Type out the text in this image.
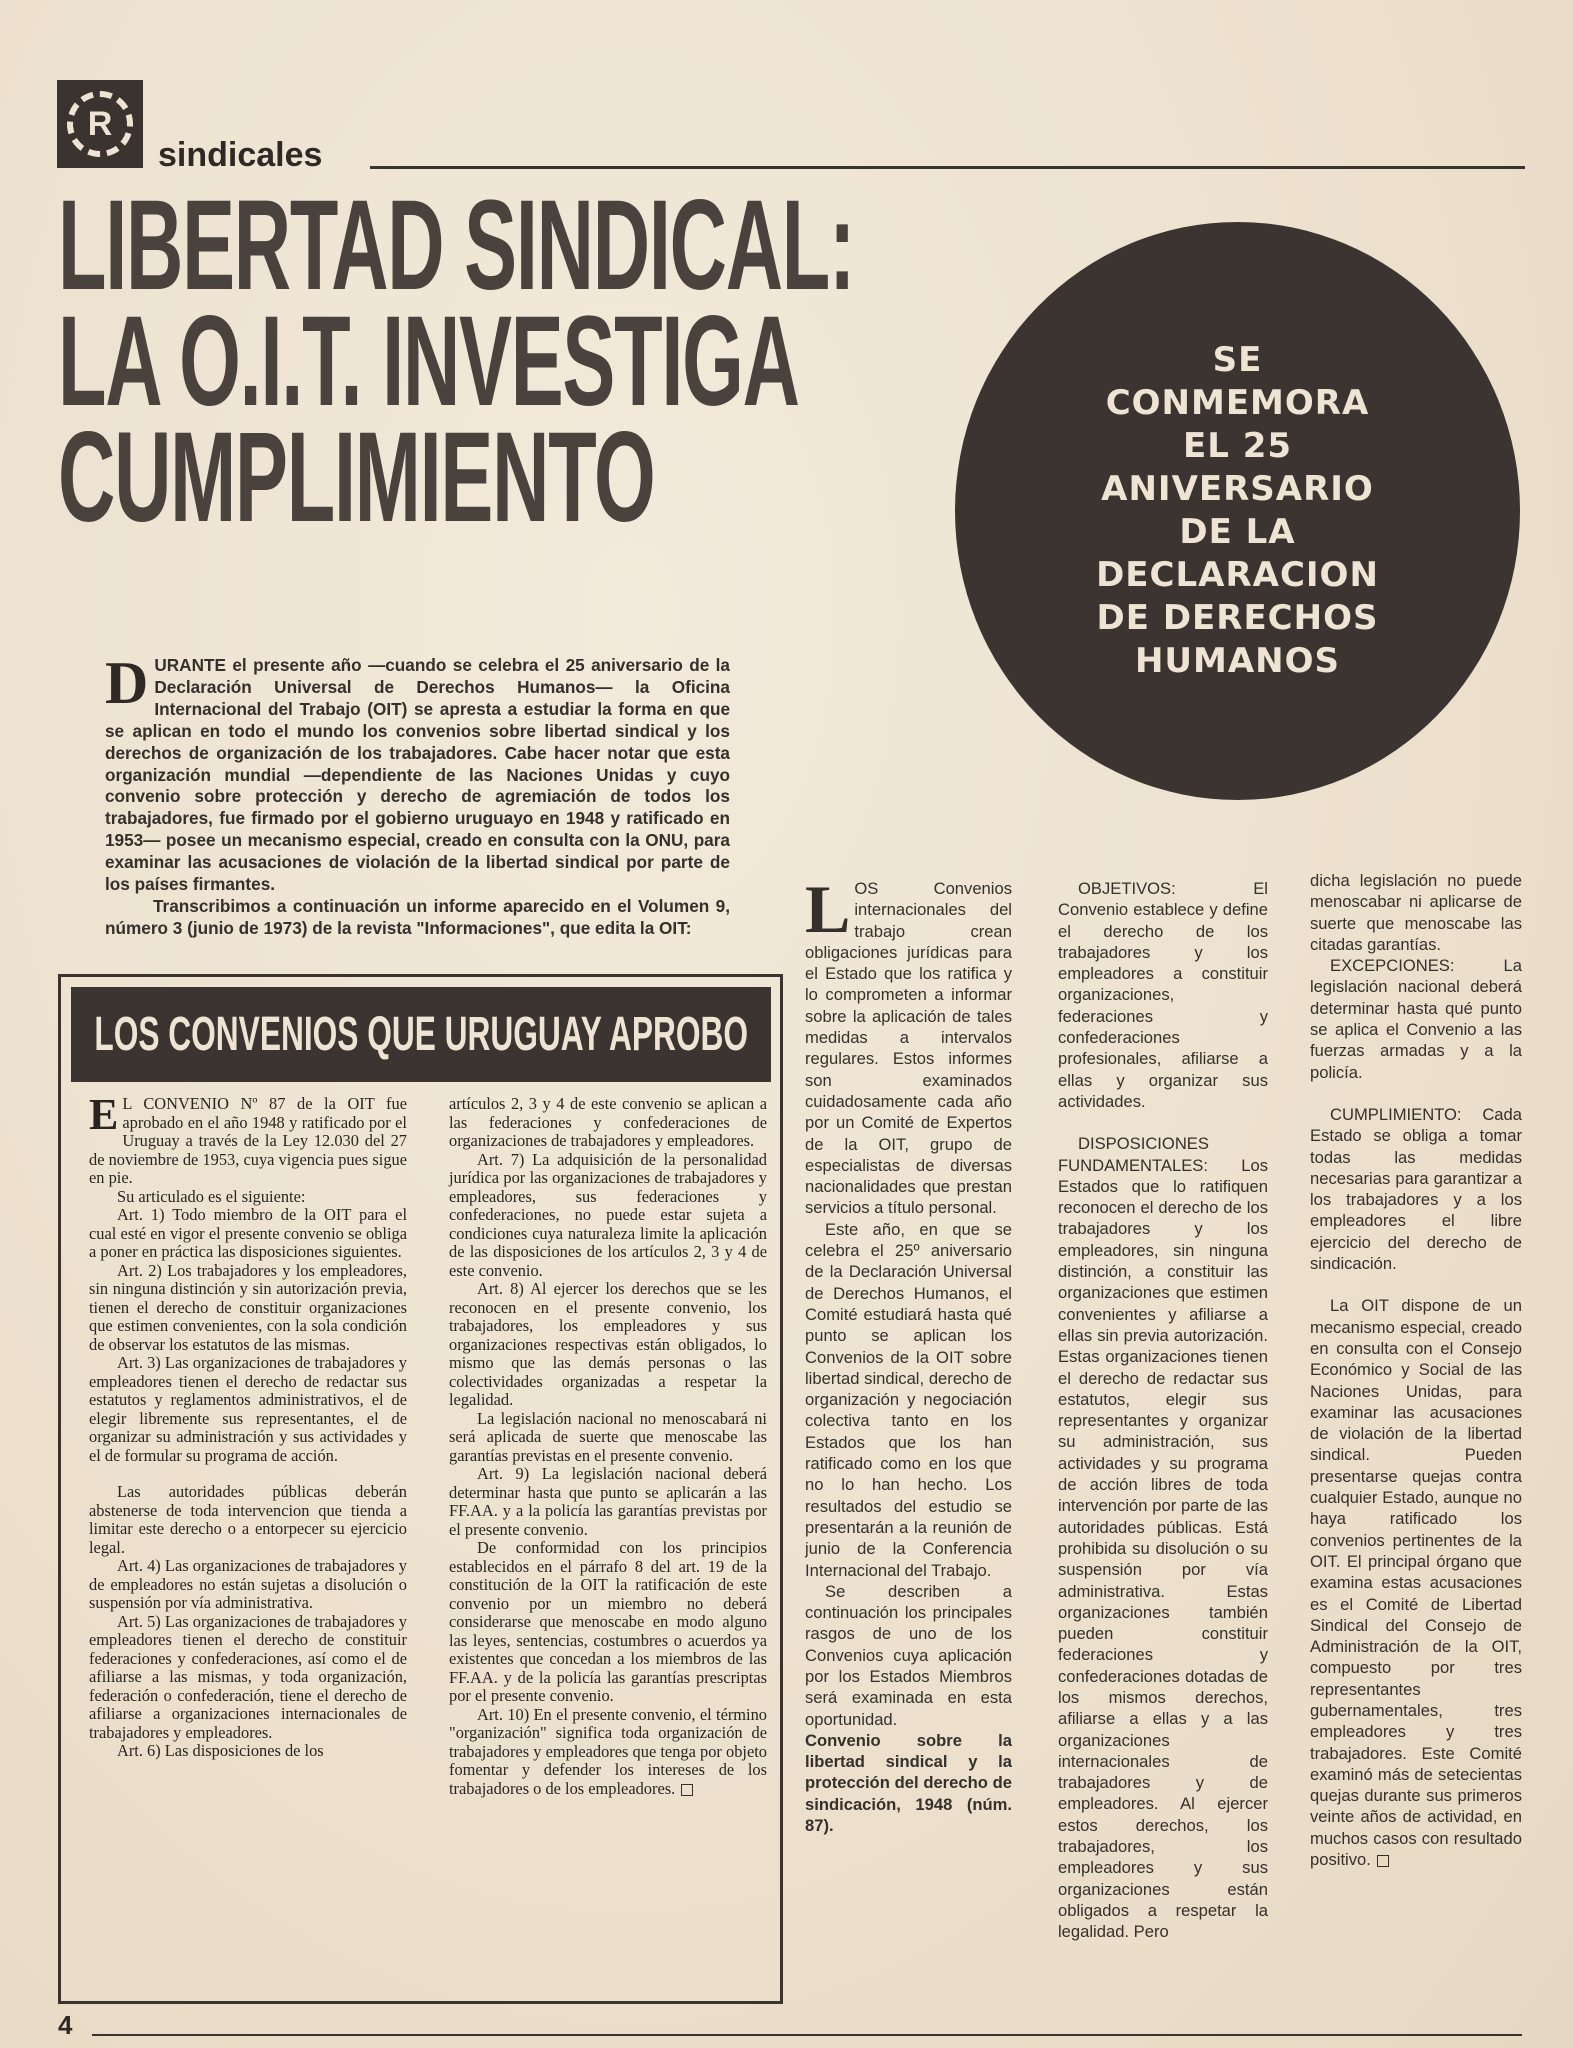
R
sindicales
LIBERTAD SINDICAL:
LA O.I.T. INVESTIGA
CUMPLIMIENTO
SE
CONMEMORA
EL 25
ANIVERSARIO
DE LA
DECLARACION
DE DERECHOS
HUMANOS

DURANTE el presente año —cuando se celebra el 25 aniversario de la Declaración Universal de Derechos Humanos— la Oficina Internacional del Trabajo (OIT) se apresta a estudiar la forma en que se aplican en todo el mundo los convenios sobre libertad sindical y los derechos de organización de los trabajadores. Cabe hacer notar que esta organización mundial —dependiente de las Naciones Unidas y cuyo convenio sobre protección y derecho de agremiación de todos los trabajadores, fue firmado por el gobierno uruguayo en 1948 y ratificado en 1953— posee un mecanismo especial, creado en consulta con la ONU, para examinar las acusaciones de violación de la libertad sindical por parte de los países firmantes.

Transcribimos a continuación un informe aparecido en el Volumen 9, número 3 (junio de 1973) de la revista "Informaciones", que edita la OIT:

LOS CONVENIOS QUE URUGUAY APROBO

E L CONVENIO Nº 87 de la OIT fue aprobado en el año 1948 y ratificado por el Uruguay a través de la Ley 12.030 del 27 de noviembre de 1953, cuya vigencia pues sigue en pie.

Su articulado es el siguiente:

Art. 1) Todo miembro de la OIT para el cual esté en vigor el presente convenio se obliga a poner en práctica las disposiciones siguientes.

Art. 2) Los trabajadores y los empleadores, sin ninguna distinción y sin autorización previa, tienen el derecho de constituir organizaciones que estimen convenientes, con la sola condición de observar los estatutos de las mismas.

Art. 3) Las organizaciones de trabajadores y empleadores tienen el derecho de redactar sus estatutos y reglamentos administrativos, el de elegir libremente sus representantes, el de organizar su administración y sus actividades y el de formular su programa de acción.

Las autoridades públicas deberán abstenerse de toda intervencion que tienda a limitar este derecho o a entorpecer su ejercicio legal.

Art. 4) Las organizaciones de trabajadores y de empleadores no están sujetas a disolución o suspensión por vía administrativa.

Art. 5) Las organizaciones de trabajadores y empleadores tienen el derecho de constituir federaciones y confederaciones, así como el de afiliarse a las mismas, y toda organización, federación o confederación, tiene el derecho de afiliarse a organizaciones internacionales de trabajadores y empleadores.

Art. 6) Las disposiciones de los

artículos 2, 3 y 4 de este convenio se aplican a las federaciones y confederaciones de organizaciones de trabajadores y empleadores.

Art. 7) La adquisición de la personalidad jurídica por las organizaciones de trabajadores y empleadores, sus federaciones y confederaciones, no puede estar sujeta a condiciones cuya naturaleza limite la aplicación de las disposiciones de los artículos 2, 3 y 4 de este convenio.

Art. 8) Al ejercer los derechos que se les reconocen en el presente convenio, los trabajadores, los empleadores y sus organizaciones respectivas están obligados, lo mismo que las demás personas o las colectividades organizadas a respetar la legalidad.

La legislación nacional no menoscabará ni será aplicada de suerte que menoscabe las garantías previstas en el presente convenio.

Art. 9) La legislación nacional deberá determinar hasta que punto se aplicarán a las FF.AA. y a la policía las garantías previstas por el presente convenio.

De conformidad con los principios establecidos en el párrafo 8 del art. 19 de la constitución de la OIT la ratificación de este convenio por un miembro no deberá considerarse que menoscabe en modo alguno las leyes, sentencias, costumbres o acuerdos ya existentes que concedan a los miembros de las FF.AA. y de la policía las garantías prescriptas por el presente convenio.

Art. 10) En el presente convenio, el término "organización" significa toda organización de trabajadores y empleadores que tenga por objeto fomentar y defender los intereses de los trabajadores o de los empleadores.

LOS Convenios internacionales del trabajo crean obligaciones jurídicas para el Estado que los ratifica y lo comprometen a informar sobre la aplicación de tales medidas a intervalos regulares. Estos informes son examinados cuidadosamente cada año por un Comité de Expertos de la OIT, grupo de especialistas de diversas nacionalidades que prestan servicios a título personal.

Este año, en que se celebra el 25º aniversario de la Declaración Universal de Derechos Humanos, el Comité estudiará hasta qué punto se aplican los Convenios de la OIT sobre libertad sindical, derecho de organización y negociación colectiva tanto en los Estados que los han ratificado como en los que no lo han hecho. Los resultados del estudio se presentarán a la reunión de junio de la Conferencia Internacional del Trabajo.

Se describen a continuación los principales rasgos de uno de los Convenios cuya aplicación por los Estados Miembros será examinada en esta oportunidad.

Convenio sobre la libertad sindical y la protección del derecho de sindicación, 1948 (núm. 87).

OBJETIVOS: El Convenio establece y define el derecho de los trabajadores y los empleadores a constituir organizaciones, federaciones y confederaciones profesionales, afiliarse a ellas y organizar sus actividades.

DISPOSICIONES FUNDAMENTALES: Los Estados que lo ratifiquen reconocen el derecho de los trabajadores y los empleadores, sin ninguna distinción, a constituir las organizaciones que estimen convenientes y afiliarse a ellas sin previa autorización. Estas organizaciones tienen el derecho de redactar sus estatutos, elegir sus representantes y organizar su administración, sus actividades y su programa de acción libres de toda intervención por parte de las autoridades públicas. Está prohibida su disolución o su suspensión por vía administrativa. Estas organizaciones también pueden constituir federaciones y confederaciones dotadas de los mismos derechos, afiliarse a ellas y a las organizaciones internacionales de trabajadores y de empleadores. Al ejercer estos derechos, los trabajadores, los empleadores y sus organizaciones están obligados a respetar la legalidad. Pero

dicha legislación no puede menoscabar ni aplicarse de suerte que menoscabe las citadas garantías.

EXCEPCIONES: La legislación nacional deberá determinar hasta qué punto se aplica el Convenio a las fuerzas armadas y a la policía.

CUMPLIMIENTO: Cada Estado se obliga a tomar todas las medidas necesarias para garantizar a los trabajadores y a los empleadores el libre ejercicio del derecho de sindicación.

La OIT dispone de un mecanismo especial, creado en consulta con el Consejo Económico y Social de las Naciones Unidas, para examinar las acusaciones de violación de la libertad sindical. Pueden presentarse quejas contra cualquier Estado, aunque no haya ratificado los convenios pertinentes de la OIT. El principal órgano que examina estas acusaciones es el Comité de Libertad Sindical del Consejo de Administración de la OIT, compuesto por tres representantes gubernamentales, tres empleadores y tres trabajadores. Este Comité examinó más de setecientas quejas durante sus primeros veinte años de actividad, en muchos casos con resultado positivo.

4
